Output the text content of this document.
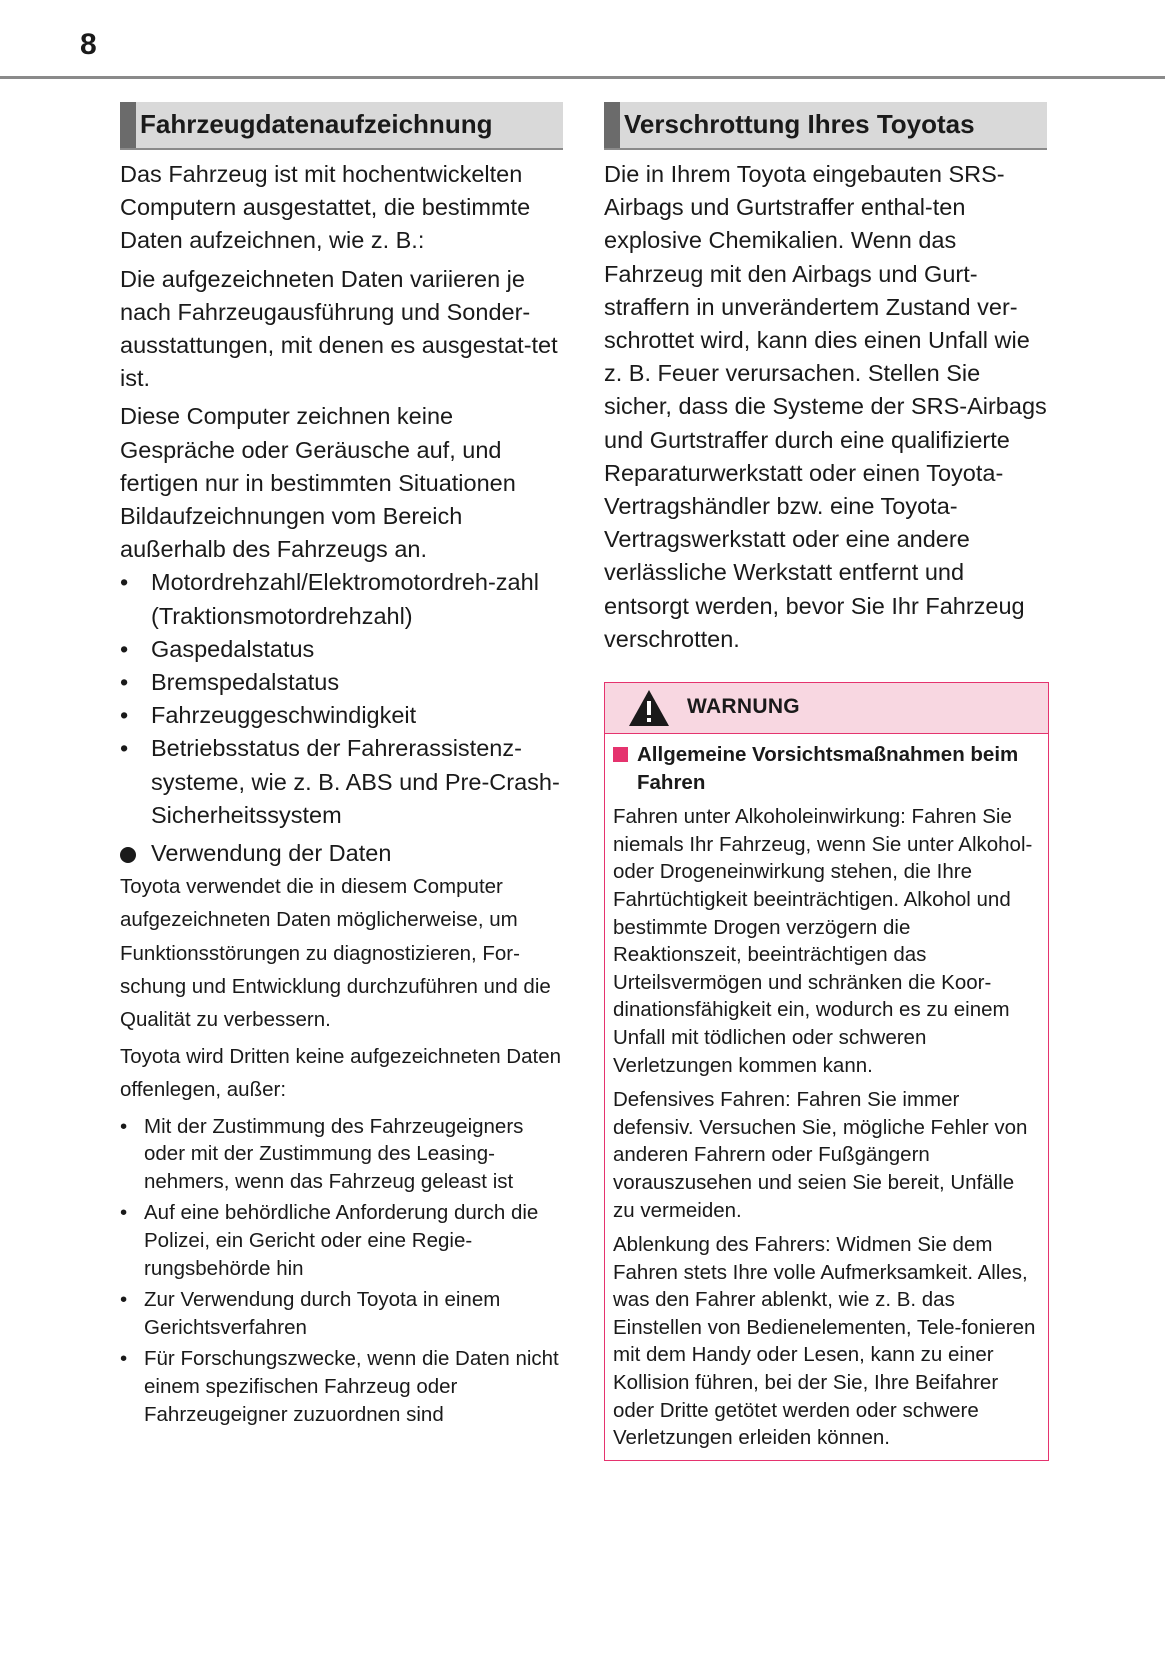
8
Fahrzeugdatenaufzeichnung

Das Fahrzeug ist mit hochentwickelten Computern ausgestattet, die bestimmte Daten aufzeichnen, wie z. B.:

Die aufgezeichneten Daten variieren je nach Fahrzeugausführung und Sonder-ausstattungen, mit denen es ausgestat-tet ist.

Diese Computer zeichnen keine Gespräche oder Geräusche auf, und fertigen nur in bestimmten Situationen Bildaufzeichnungen vom Bereich außerhalb des Fahrzeugs an.

• Motordrehzahl/Elektromotordreh-zahl (Traktionsmotordrehzahl)
• Gaspedalstatus
• Bremspedalstatus
• Fahrzeuggeschwindigkeit
• Betriebsstatus der Fahrerassistenz-systeme, wie z. B. ABS und Pre-Crash-Sicherheitssystem
Verwendung der Daten

Toyota verwendet die in diesem Computer aufgezeichneten Daten möglicherweise, um Funktionsstörungen zu diagnostizieren, For-schung und Entwicklung durchzuführen und die Qualität zu verbessern.

Toyota wird Dritten keine aufgezeichneten Daten offenlegen, außer:

• Mit der Zustimmung des Fahrzeugeigners oder mit der Zustimmung des Leasing-nehmers, wenn das Fahrzeug geleast ist
• Auf eine behördliche Anforderung durch die Polizei, ein Gericht oder eine Regie-rungsbehörde hin
• Zur Verwendung durch Toyota in einem Gerichtsverfahren
• Für Forschungszwecke, wenn die Daten nicht einem spezifischen Fahrzeug oder Fahrzeugeigner zuzuordnen sind
Verschrottung Ihres Toyotas

Die in Ihrem Toyota eingebauten SRS-Airbags und Gurtstraffer enthal-ten explosive Chemikalien. Wenn das Fahrzeug mit den Airbags und Gurt-straffern in unverändertem Zustand ver-schrottet wird, kann dies einen Unfall wie z. B. Feuer verursachen. Stellen Sie sicher, dass die Systeme der SRS-Airbags und Gurtstraffer durch eine qualifizierte Reparaturwerkstatt oder einen Toyota-Vertragshändler bzw. eine Toyota-Vertragswerkstatt oder eine andere verlässliche Werkstatt entfernt und entsorgt werden, bevor Sie Ihr Fahrzeug verschrotten.

WARNUNG
Allgemeine Vorsichtsmaßnahmen beim Fahren

Fahren unter Alkoholeinwirkung: Fahren Sie niemals Ihr Fahrzeug, wenn Sie unter Alkohol- oder Drogeneinwirkung stehen, die Ihre Fahrtüchtigkeit beeinträchtigen. Alkohol und bestimmte Drogen verzögern die Reaktionszeit, beeinträchtigen das Urteilsvermögen und schränken die Koor-dinationsfähigkeit ein, wodurch es zu einem Unfall mit tödlichen oder schweren Verletzungen kommen kann.

Defensives Fahren: Fahren Sie immer defensiv. Versuchen Sie, mögliche Fehler von anderen Fahrern oder Fußgängern vorauszusehen und seien Sie bereit, Unfälle zu vermeiden.

Ablenkung des Fahrers: Widmen Sie dem Fahren stets Ihre volle Aufmerksamkeit. Alles, was den Fahrer ablenkt, wie z. B. das Einstellen von Bedienelementen, Tele-fonieren mit dem Handy oder Lesen, kann zu einer Kollision führen, bei der Sie, Ihre Beifahrer oder Dritte getötet werden oder schwere Verletzungen erleiden können.
